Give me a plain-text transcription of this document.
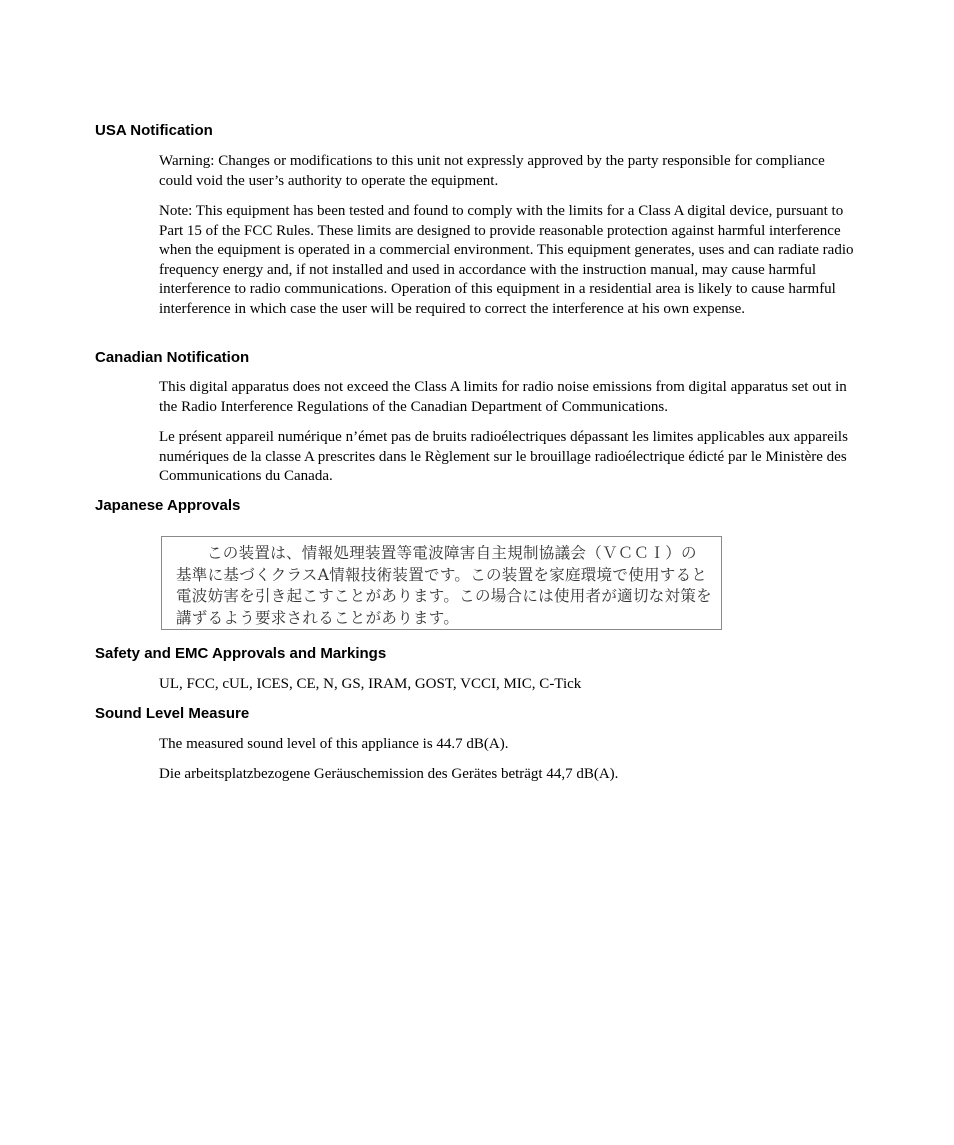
USA Notification

Warning: Changes or modifications to this unit not expressly approved by the party responsible for compliance could void the user’s authority to operate the equipment.

Note: This equipment has been tested and found to comply with the limits for a Class A digital device, pursuant to Part 15 of the FCC Rules. These limits are designed to provide reasonable protection against harmful interference when the equipment is operated in a commercial environment. This equipment generates, uses and can radiate radio frequency energy and, if not installed and used in accordance with the instruction manual, may cause harmful interference to radio communications. Operation of this equipment in a residential area is likely to cause harmful interference in which case the user will be required to correct the interference at his own expense.

Canadian Notification

This digital apparatus does not exceed the Class A limits for radio noise emissions from digital apparatus set out in the Radio Interference Regulations of the Canadian Department of Communications.

Le présent appareil numérique n’émet pas de bruits radioélectriques dépassant les limites applicables aux appareils numériques de la classe A prescrites dans le Règlement sur le brouillage radioélectrique édicté par le Ministère des Communications du Canada.

Japanese Approvals

この装置は、情報処理装置等電波障害自主規制協議会（ＶＣＣＩ）の基準に基づくクラスA情報技術装置です。この装置を家庭環境で使用すると電波妨害を引き起こすことがあります。この場合には使用者が適切な対策を講ずるよう要求されることがあります。

Safety and EMC Approvals and Markings

UL, FCC, cUL, ICES, CE, N, GS, IRAM, GOST, VCCI, MIC, C-Tick

Sound Level Measure

The measured sound level of this appliance is 44.7 dB(A).

Die arbeitsplatzbezogene Geräuschemission des Gerätes beträgt 44,7 dB(A).
